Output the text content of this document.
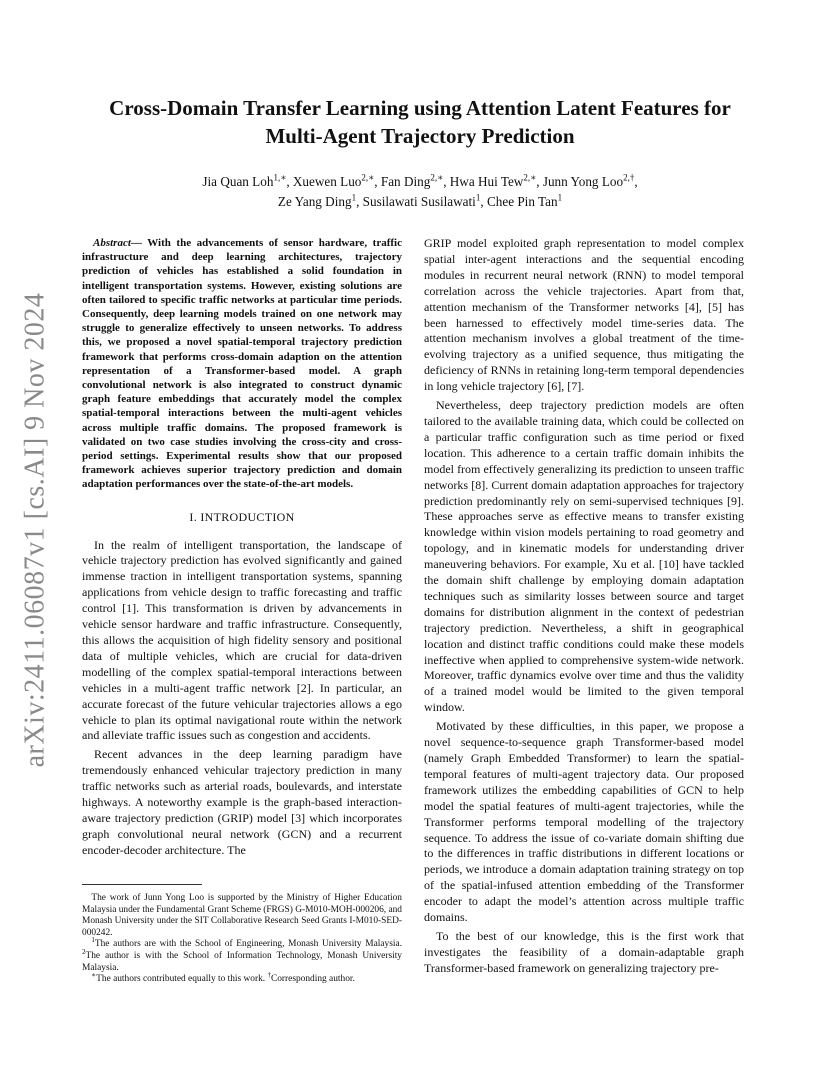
arXiv:2411.06087v1 [cs.AI] 9 Nov 2024
Cross-Domain Transfer Learning using Attention Latent Features for
Multi-Agent Trajectory Prediction
Jia Quan Loh$^{1,∗}$, Xuewen Luo$^{2,∗}$, Fan Ding$^{2,∗}$, Hwa Hui Tew$^{2,∗}$, Junn Yong Loo$^{2,\dagger}$,
Ze Yang Ding$^1$, Susilawati Susilawati$^1$, Chee Pin Tan$^1$

Abstract— With the advancements of sensor hardware, traffic infrastructure and deep learning architectures, trajectory prediction of vehicles has established a solid foundation in intelligent transportation systems. However, existing solutions are often tailored to specific traffic networks at particular time periods. Consequently, deep learning models trained on one network may struggle to generalize effectively to unseen networks. To address this, we proposed a novel spatial-temporal trajectory prediction framework that performs cross-domain adaption on the attention representation of a Transformer-based model. A graph convolutional network is also integrated to construct dynamic graph feature embeddings that accurately model the complex spatial-temporal interactions between the multi-agent vehicles across multiple traffic domains. The proposed framework is validated on two case studies involving the cross-city and cross-period settings. Experimental results show that our proposed framework achieves superior trajectory prediction and domain adaptation performances over the state-of-the-art models.

I. INTRODUCTION

In the realm of intelligent transportation, the landscape of vehicle trajectory prediction has evolved significantly and gained immense traction in intelligent transportation systems, spanning applications from vehicle design to traffic forecasting and traffic control [1]. This transformation is driven by advancements in vehicle sensor hardware and traffic infrastructure. Consequently, this allows the acquisition of high fidelity sensory and positional data of multiple vehicles, which are crucial for data-driven modelling of the complex spatial-temporal interactions between vehicles in a multi-agent traffic network [2]. In particular, an accurate forecast of the future vehicular trajectories allows a ego vehicle to plan its optimal navigational route within the network and alleviate traffic issues such as congestion and accidents.

Recent advances in the deep learning paradigm have tremendously enhanced vehicular trajectory prediction in many traffic networks such as arterial roads, boulevards, and interstate highways. A noteworthy example is the graph-based interaction-aware trajectory prediction (GRIP) model [3] which incorporates graph convolutional neural network (GCN) and a recurrent encoder-decoder architecture. The

GRIP model exploited graph representation to model complex spatial inter-agent interactions and the sequential encoding modules in recurrent neural network (RNN) to model temporal correlation across the vehicle trajectories. Apart from that, attention mechanism of the Transformer networks [4], [5] has been harnessed to effectively model time-series data. The attention mechanism involves a global treatment of the time-evolving trajectory as a unified sequence, thus mitigating the deficiency of RNNs in retaining long-term temporal dependencies in long vehicle trajectory [6], [7].

Nevertheless, deep trajectory prediction models are often tailored to the available training data, which could be collected on a particular traffic configuration such as time period or fixed location. This adherence to a certain traffic domain inhibits the model from effectively generalizing its prediction to unseen traffic networks [8]. Current domain adaptation approaches for trajectory prediction predominantly rely on semi-supervised techniques [9]. These approaches serve as effective means to transfer existing knowledge within vision models pertaining to road geometry and topology, and in kinematic models for understanding driver maneuvering behaviors. For example, Xu et al. [10] have tackled the domain shift challenge by employing domain adaptation techniques such as similarity losses between source and target domains for distribution alignment in the context of pedestrian trajectory prediction. Nevertheless, a shift in geographical location and distinct traffic conditions could make these models ineffective when applied to comprehensive system-wide network. Moreover, traffic dynamics evolve over time and thus the validity of a trained model would be limited to the given temporal window.

Motivated by these difficulties, in this paper, we propose a novel sequence-to-sequence graph Transformer-based model (namely Graph Embedded Transformer) to learn the spatial-temporal features of multi-agent trajectory data. Our proposed framework utilizes the embedding capabilities of GCN to help model the spatial features of multi-agent trajectories, while the Transformer performs temporal modelling of the trajectory sequence. To address the issue of co-variate domain shifting due to the differences in traffic distributions in different locations or periods, we introduce a domain adaptation training strategy on top of the spatial-infused attention embedding of the Transformer encoder to adapt the model’s attention across multiple traffic domains.

To the best of our knowledge, this is the first work that investigates the feasibility of a domain-adaptable graph Transformer-based framework on generalizing trajectory pre-

The work of Junn Yong Loo is supported by the Ministry of Higher Education Malaysia under the Fundamental Grant Scheme (FRGS) G-M010-MOH-000206, and Monash University under the SIT Collaborative Research Seed Grants I-M010-SED-000242.

$^1$The authors are with the School of Engineering, Monash University Malaysia. $^2$The author is with the School of Information Technology, Monash University Malaysia.

∗The authors contributed equally to this work. †Corresponding author.
